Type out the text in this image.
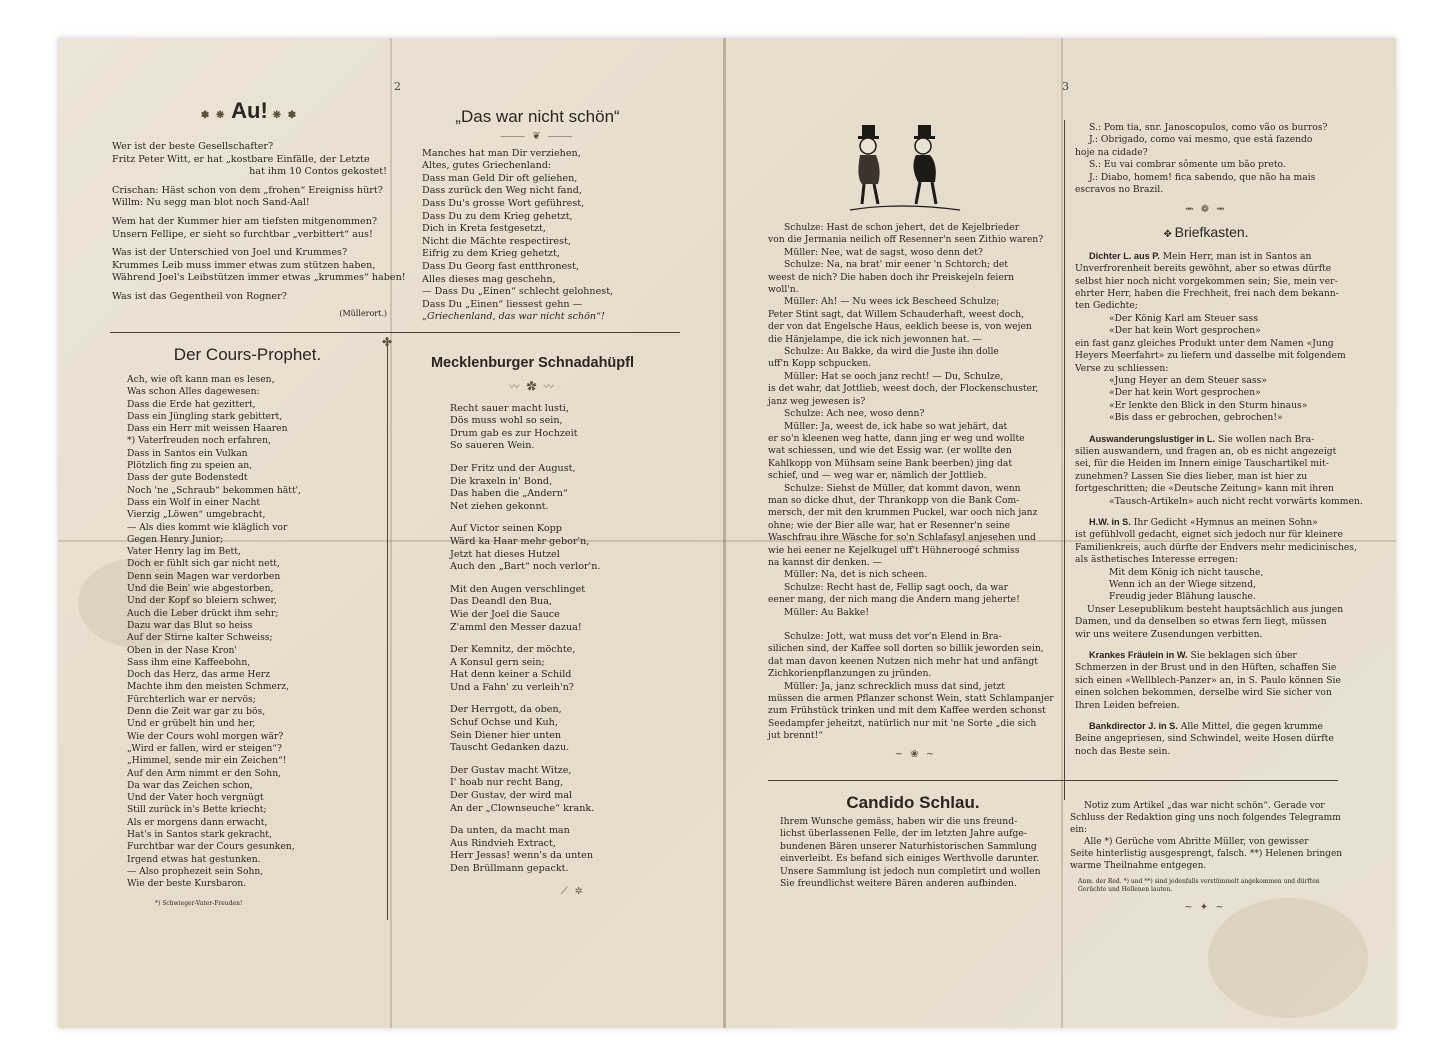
2
✽ ❋ Au! ❋ ✽
Wer ist der beste Gesellschafter?
Fritz Peter Witt, er hat „kostbare Einfälle, der Letzte
hat ihm 10 Contos gekostet!
Crischan: Häst schon von dem „frohen“ Ereigniss hürt?
Willm: Nu segg man blot noch Sand-Aal!
Wem hat der Kummer hier am tiefsten mitgenommen?
Unsern Fellipe, er sieht so furchtbar „verbittert“ aus!
Was ist der Unterschied von Joel und Krummes?
Krummes Leib muss immer etwas zum stützen haben,
Während Joel's Leibstützen immer etwas „krummes“ haben!
Was ist das Gegentheil von Rogner?
(Müllerort.)
„Das war nicht schön“
⸻ ❦ ⸻
Manches hat man Dir verziehen,
Altes, gutes Griechenland:
Dass man Geld Dir oft geliehen,
Dass zurück den Weg nicht fand,
Dass Du's grosse Wort geführest,
Dass Du zu dem Krieg gehetzt,
Dich in Kreta festgesetzt,
Nicht die Mächte respectirest,
Eifrig zu dem Krieg gehetzt,
Dass Du Georg fast entthronest,
Alles dieses mag geschehn,
— Dass Du „Einen“ schlecht gelohnest,
Dass Du „Einen“ liessest gehn —
„Griechenland, das war nicht schön“!
✤
Der Cours-Prophet.
Ach, wie oft kann man es lesen,
Was schon Alles dagewesen:
Dass die Erde hat gezittert,
Dass ein Jüngling stark gebittert,
Dass ein Herr mit weissen Haaren
*) Vaterfreuden noch erfahren,
Dass in Santos ein Vulkan
Plötzlich fing zu speien an,
Dass der gute Bodenstedt
Noch 'ne „Schraub“ bekommen hätt',
Dass ein Wolf in einer Nacht
Vierzig „Löwen“ umgebracht,
— Als dies kommt wie kläglich vor
Gegen Henry Junior;
Vater Henry lag im Bett,
Doch er fühlt sich gar nicht nett,
Denn sein Magen war verdorben
Und die Bein' wie abgestorben,
Und der Kopf so bleiern schwer,
Auch die Leber drückt ihm sehr;
Dazu war das Blut so heiss
Auf der Stirne kalter Schweiss;
Oben in der Nase Kron'
Sass ihm eine Kaffeebohn,
Doch das Herz, das arme Herz
Machte ihm den meisten Schmerz,
Fürchterlich war er nervös;
Denn die Zeit war gar zu bös,
Und er grübelt hin und her,
Wie der Cours wohl morgen wär?
„Wird er fallen, wird er steigen“?
„Himmel, sende mir ein Zeichen“!
Auf den Arm nimmt er den Sohn,
Da war das Zeichen schon,
Und der Vater hoch vergnügt
Still zurück in's Bette kriecht;
Als er morgens dann erwacht,
Hat's in Santos stark gekracht,
Furchtbar war der Cours gesunken,
Irgend etwas hat gestunken.
— Also prophezeit sein Sohn,
Wie der beste Kursbaron.
*) Schwieger-Vater-Freuden!
Mecklenburger Schnadahüpfl
〰 ✿ 〰
Recht sauer macht lusti,
Dös muss wohl so sein,
Drum gab es zur Hochzeit
So saueren Wein.
Der Fritz und der August,
Die kraxeln in' Bond,
Das haben die „Andern“
Net ziehen gekonnt.
Auf Victor seinen Kopp
Wärd ka Haar mehr gebor'n,
Jetzt hat dieses Hutzel
Auch den „Bart“ noch verlor'n.
Mit den Augen verschlinget
Das Deandl den Bua,
Wie der Joel die Sauce
Z'amml den Messer dazua!
Der Kemnitz, der möchte,
A Konsul gern sein;
Hat denn keiner a Schild
Und a Fahn' zu verleih'n?
Der Herrgott, da oben,
Schuf Ochse und Kuh,
Sein Diener hier unten
Tauscht Gedanken dazu.
Der Gustav macht Witze,
I' hoab nur recht Bang,
Der Gustav, der wird mal
An der „Clownseuche“ krank.
Da unten, da macht man
Aus Rindvieh Extract,
Herr Jessas! wenn's da unten
Den Brüllmann gepackt.
⟋ ✲
3
Schulze: Hast de schon jehert, det de Kejelbrieder
von die Jermania neilich off Resenner'n seen Zithio waren?
Müller: Nee, wat de sagst, woso denn det?
Schulze: Na, na brat' mir eener 'n Schtorch; det
weest de nich? Die haben doch ihr Preiskejeln feiern
woll'n.
Müller: Ah! — Nu wees ick Bescheed Schulze;
Peter Stint sagt, dat Willem Schauderhaft, weest doch,
der von dat Engelsche Haus, eeklich beese is, von wejen
die Hänjelampe, die ick nich jewonnen hat. —
Schulze: Au Bakke, da wird die Juste ihn dolle
uff'n Kopp schpucken.
Müller: Hat se ooch janz recht! — Du, Schulze,
is det wahr, dat Jottlieb, weest doch, der Flockenschuster,
janz weg jewesen is?
Schulze: Ach nee, woso denn?
Müller: Ja, weest de, ick habe so wat jehärt, dat
er so'n kleenen weg hatte, dann jing er weg und wollte
wat schiessen, und wie det Essig war. (er wollte den
Kahlkopp von Mühsam seine Bank beerben) jing dat
schief, und — weg war er, nämlich der Jottlieb.
Schulze: Siehst de Müller, dat kommt davon, wenn
man so dicke dhut, der Thrankopp von die Bank Com-
mersch, der mit den krummen Puckel, war ooch nich janz
ohne; wie der Bier alle war, hat er Resenner'n seine
Waschfrau ihre Wäsche for so'n Schlafasyl anjesehen und
wie hei eener ne Kejelkugel uff't Hühneroogé schmiss
na kannst dir denken. —
Müller: Na, det is nich scheen.
Schulze: Recht hast de, Fellip sagt ooch, da war
eener mang, der nich mang die Andern mang jeherte!
Müller: Au Bakke!
Schulze: Jott, wat muss det vor'n Elend in Bra-
silichen sind, der Kaffee soll dorten so billik jeworden sein,
dat man davon keenen Nutzen nich mehr hat und anfängt
Zichkorienpflanzungen zu jründen.
Müller: Ja, janz schrecklich muss dat sind, jetzt
müssen die armen Pflanzer schonst Wein, statt Schlampanjer
zum Frühstück trinken und mit dem Kaffee werden schonst
Seedampfer jeheitzt, natürlich nur mit 'ne Sorte „die sich
jut brennt!“
~ ❀ ~
Candido Schlau.
Ihrem Wunsche gemäss, haben wir die uns freund-
lichst überlassenen Felle, der im letzten Jahre aufge-
bundenen Bären unserer Naturhistorischen Sammlung
einverleibt. Es befand sich einiges Werthvolle darunter.
Unsere Sammlung ist jedoch nun completirt und wollen
Sie freundlichst weitere Bären anderen aufbinden.
S.: Pom tia, snr. Janoscopulos, como vão os burros?
J.: Obrigado, como vai mesmo, que está fazendo
hoje na cidade?
S.: Eu vai combrar sômente um bão preto.
J.: Diabo, homem! fica sabendo, que não ha mais
escravos no Brazil.
⥈ ❁ ⥈
✥ Briefkasten.
Dichter L. aus P. Mein Herr, man ist in Santos an
Unverfrorenheit bereits gewöhnt, aber so etwas dürfte
selbst hier noch nicht vorgekommen sein; Sie, mein ver-
ehrter Herr, haben die Frechheit, frei nach dem bekann-
ten Gedichte;
«Der König Karl am Steuer sass
«Der hat kein Wort gesprochen»
ein fast ganz gleiches Produkt unter dem Namen «Jung
Heyers Meerfahrt» zu liefern und dasselbe mit folgendem
Verse zu schliessen:
«Jung Heyer an dem Steuer sass»
«Der hat kein Wort gesprochen»
«Er lenkte den Blick in den Sturm hinaus»
«Bis dass er gebrochen, gebrochen!»
Auswanderungslustiger in L. Sie wollen nach Bra-
silien auswandern, und fragen an, ob es nicht angezeigt
sei, für die Heiden im Innern einige Tauschartikel mit-
zunehmen? Lassen Sie dies lieber, man ist hier zu
fortgeschritten; die «Deutsche Zeitung» kann mit ihren
«Tausch-Artikeln» auch nicht recht vorwärts kommen.
H.W. in S. Ihr Gedicht «Hymnus an meinen Sohn»
ist gefühlvoll gedacht, eignet sich jedoch nur für kleinere
Familienkreis, auch dürfte der Endvers mehr medicinisches,
als ästhetisches Interesse erregen:
Mit dem König ich nicht tausche,
Wenn ich an der Wiege sitzend,
Freudig jeder Blähung lausche.
Unser Lesepublikum besteht hauptsächlich aus jungen
Damen, und da denselben so etwas fern liegt, müssen
wir uns weitere Zusendungen verbitten.
Krankes Fräulein in W. Sie beklagen sich über
Schmerzen in der Brust und in den Hüften, schaffen Sie
sich einen «Wellblech-Panzer» an, in S. Paulo können Sie
einen solchen bekommen, derselbe wird Sie sicher von
Ihren Leiden befreien.
Bankdirector J. in S. Alle Mittel, die gegen krumme
Beine angepriesen, sind Schwindel, weite Hosen dürfte
noch das Beste sein.
Notiz zum Artikel „das war nicht schön“. Gerade vor
Schluss der Redaktion ging uns noch folgendes Telegramm
ein:
Alle *) Gerüche vom Abritte Müller, von gewisser
Seite hinterlistig ausgesprengt, falsch. **) Helenen bringen
warme Theilnahme entgegen.
Anm. der Red. *) und **) sind jedenfalls verstümmelt angekommen und dürften Gerüchte und Hellenen lauten.
~ ✦ ~
